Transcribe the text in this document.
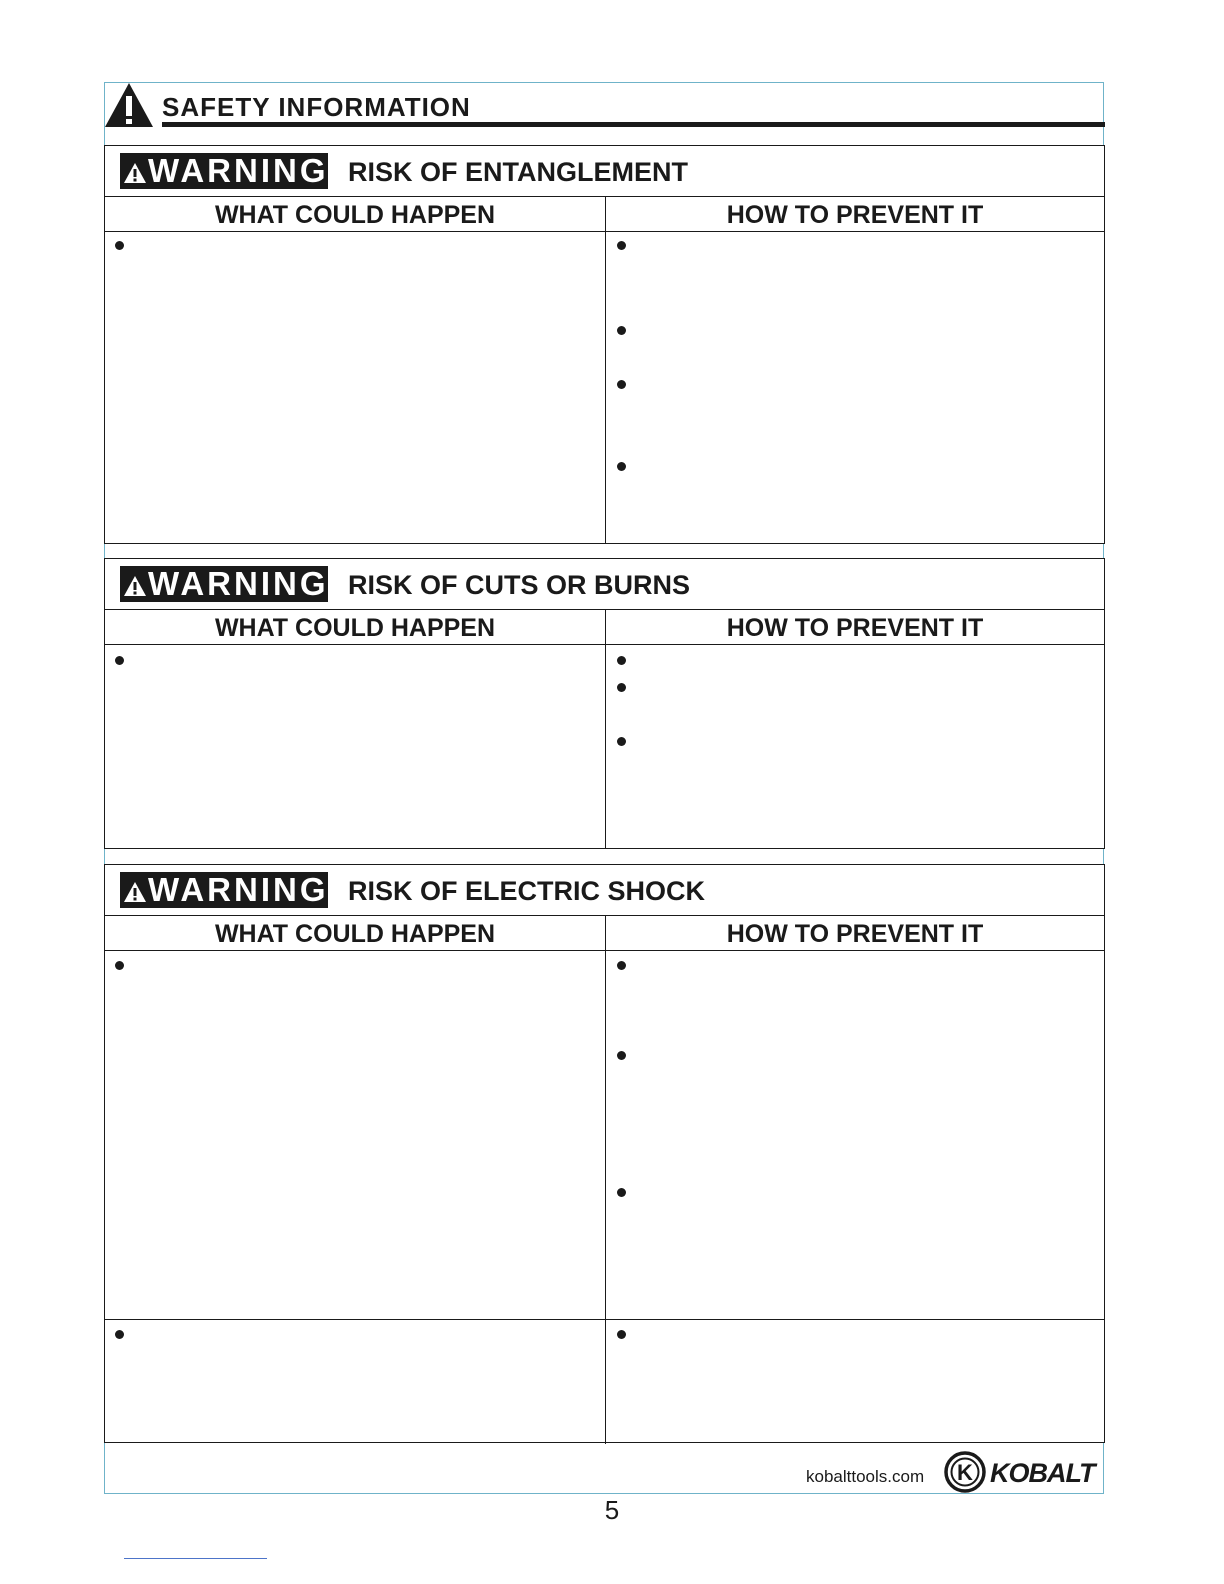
SAFETY INFORMATION
WARNING RISK OF ENTANGLEMENT
WHAT COULD HAPPEN	HOW TO PREVENT IT
WARNING RISK OF CUTS OR BURNS
WHAT COULD HAPPEN	HOW TO PREVENT IT
WARNING RISK OF ELECTRIC SHOCK
WHAT COULD HAPPEN	HOW TO PREVENT IT
kobalttools.com K KOBALT
5
